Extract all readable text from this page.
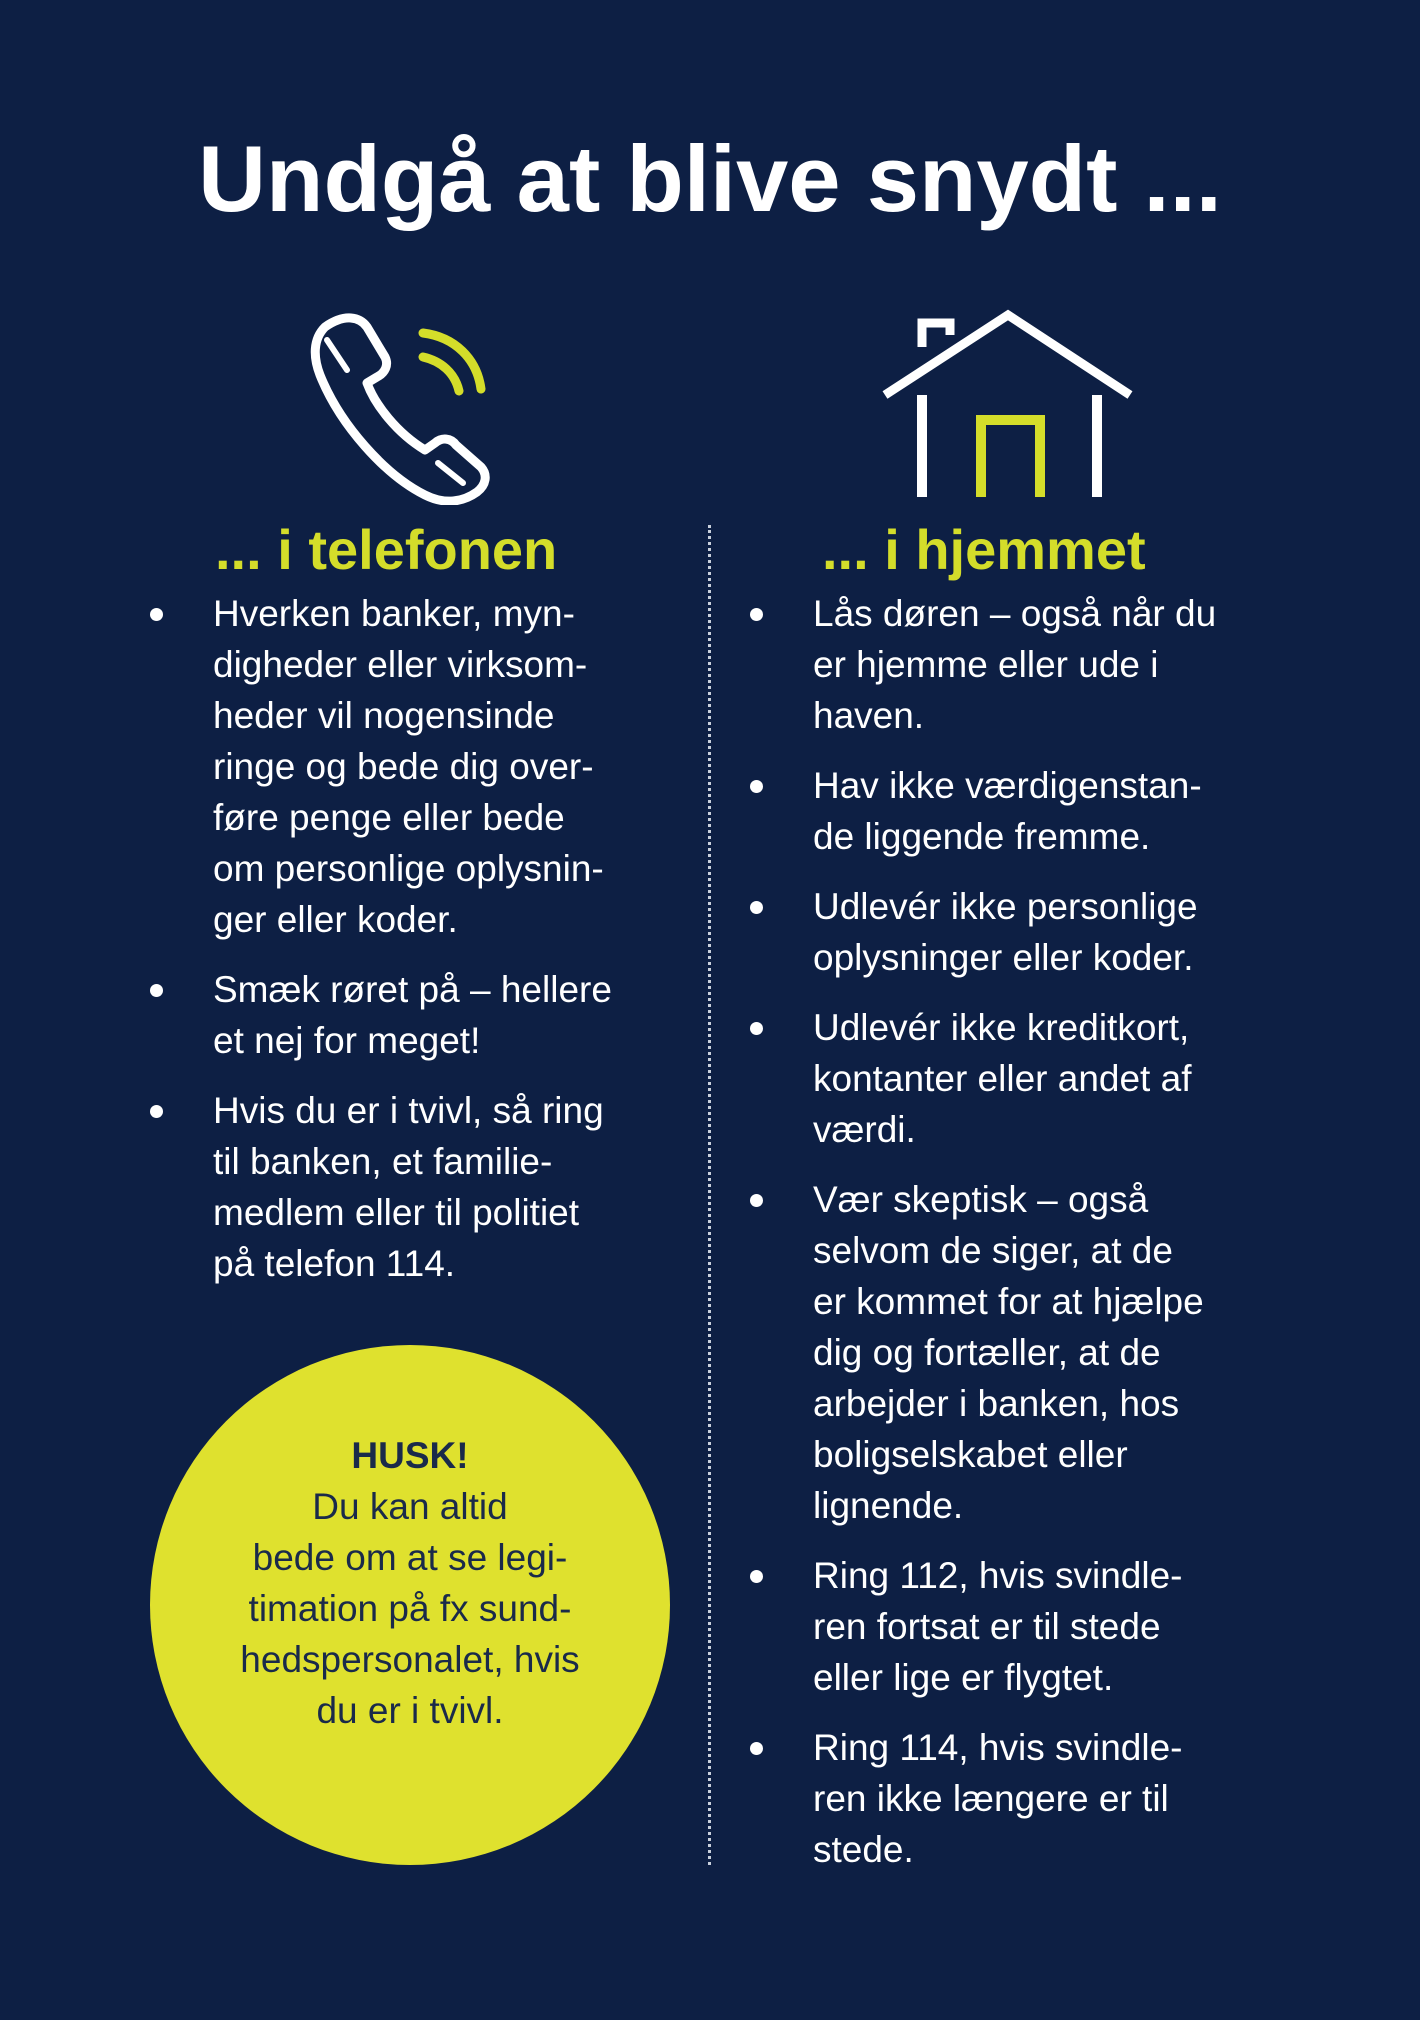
Undgå at blive snydt ...
... i telefonen	... i hjemmet
Hverken banker, myn-
digheder eller virksom-
heder vil nogensinde
ringe og bede dig over-
føre penge eller bede
om personlige oplysnin-
ger eller koder.
Smæk røret på – hellere
et nej for meget!
Hvis du er i tvivl, så ring
til banken, et familie-
medlem eller til politiet
på telefon 114.
Lås døren – også når du
er hjemme eller ude i
haven.
Hav ikke værdigenstan-
de liggende fremme.
Udlevér ikke personlige
oplysninger eller koder.
Udlevér ikke kreditkort,
kontanter eller andet af
værdi.
Vær skeptisk – også
selvom de siger, at de
er kommet for at hjælpe
dig og fortæller, at de
arbejder i banken, hos
boligselskabet eller
lignende.
Ring 112, hvis svindle-
ren fortsat er til stede
eller lige er flygtet.
Ring 114, hvis svindle-
ren ikke længere er til
stede.
HUSK!
Du kan altid
bede om at se legi-
timation på fx sund-
hedspersonalet, hvis
du er i tvivl.
